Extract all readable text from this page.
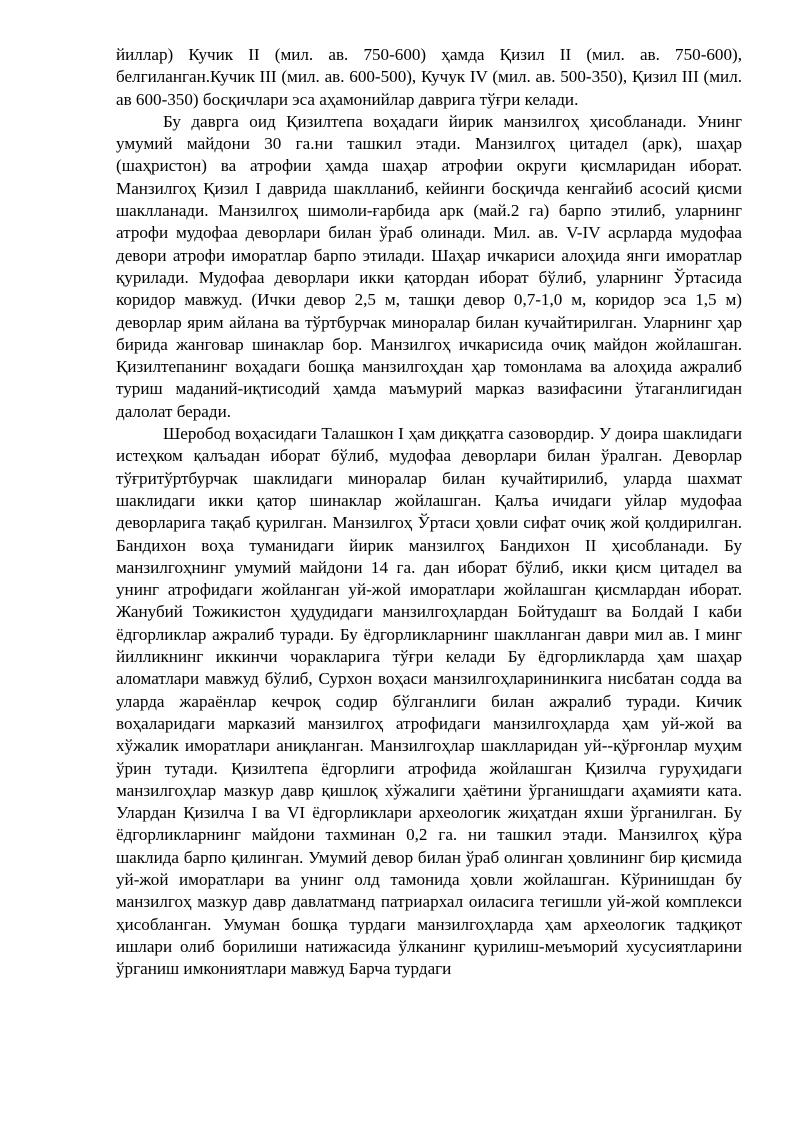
йиллар) Кучик II (мил. ав. 750-600) ҳамда Қизил II (мил. ав. 750-600), белгиланган.Кучик III (мил. ав. 600-500), Кучук IV (мил. ав. 500-350), Қизил III (мил. ав 600-350) босқичлари эса аҳамонийлар даврига тўғри келади.

Бу даврга оид Қизилтепа воҳадаги йирик манзилгоҳ ҳисобланади. Унинг умумий майдони 30 га.ни ташкил этади. Манзилгоҳ цитадел (арк), шаҳар (шаҳристон) ва атрофии ҳамда шаҳар атрофии округи қисмларидан иборат. Манзилгоҳ Қизил I даврида шаклланиб, кейинги босқичда кенгайиб асосий қисми шаклланади. Манзилгоҳ шимоли-ғарбида арк (май.2 га) барпо этилиб, уларнинг атрофи мудофаа деворлари билан ўраб олинади. Мил. ав. V-IV асрларда мудофаа девори атрофи иморатлар барпо этилади. Шаҳар ичкариси алоҳида янги иморатлар қурилади. Мудофаа деворлари икки қатордан иборат бўлиб, уларнинг Ўртасида коридор мавжуд. (Ички девор 2,5 м, ташқи девор 0,7-1,0 м, коридор эса 1,5 м) деворлар ярим айлана ва тўртбурчак миноралар билан кучайтирилган. Уларнинг ҳар бирида жанговар шинаклар бор. Манзилгоҳ ичкарисида очиқ майдон жойлашган. Қизилтепанинг воҳадаги бошқа манзилгоҳдан ҳар томонлама ва алоҳида ажралиб туриш маданий-иқтисодий ҳамда маъмурий марказ вазифасини ўтаганлигидан далолат беради.

Шеробод воҳасидаги Талашкон I ҳам диққатга сазовордир. У доира шаклидаги истеҳком қалъадан иборат бўлиб, мудофаа деворлари билан ўралган. Деворлар тўғритўртбурчак шаклидаги миноралар билан кучайтирилиб, уларда шахмат шаклидаги икки қатор шинаклар жойлашган. Қалъа ичидаги уйлар мудофаа деворларига тақаб қурилган. Манзилгоҳ Ўртаси ҳовли сифат очиқ жой қолдирилган. Бандихон воҳа туманидаги йирик манзилгоҳ Бандихон II ҳисобланади. Бу манзилгоҳнинг умумий майдони 14 га. дан иборат бўлиб, икки қисм цитадел ва унинг атрофидаги жойланган уй-жой иморатлари жойлашган қисмлардан иборат. Жанубий Тожикистон ҳудудидаги манзилгоҳлардан Бойтудашт ва Болдай I каби ёдгорликлар ажралиб туради. Бу ёдгорликларнинг шаклланган даври мил ав. I минг йилликнинг иккинчи чоракларига тўғри келади Бу ёдгорликларда ҳам шаҳар аломатлари мавжуд бўлиб, Сурхон воҳаси манзилгоҳларининкига нисбатан содда ва уларда жараёнлар кечроқ содир бўлганлиги билан ажралиб туради. Кичик воҳаларидаги марказий манзилгоҳ атрофидаги манзилгоҳларда ҳам уй-жой ва хўжалик иморатлари аниқланган. Манзилгоҳлар шаклларидан уй--қўрғонлар муҳим ўрин тутади. Қизилтепа ёдгорлиги атрофида жойлашган Қизилча гуруҳидаги манзилгоҳлар мазкур давр қишлоқ хўжалиги ҳаётини ўрганишдаги аҳамияти ката. Улардан Қизилча I ва VI ёдгорликлари археологик жиҳатдан яхши ўрганилган. Бу ёдгорликларнинг майдони тахминан 0,2 га. ни ташкил этади. Манзилгоҳ қўра шаклида барпо қилинган. Умумий девор билан ўраб олинган ҳовлининг бир қисмида уй-жой иморатлари ва унинг олд тамонида ҳовли жойлашган. Кўринишдан бу манзилгоҳ мазкур давр давлатманд патриархал оиласига тегишли уй-жой комплекси ҳисобланган. Умуман бошқа турдаги манзилгоҳларда ҳам археологик тадқиқот ишлари олиб борилиши натижасида ўлканинг қурилиш-меъморий хусусиятларини ўрганиш имкониятлари мавжуд Барча турдаги
